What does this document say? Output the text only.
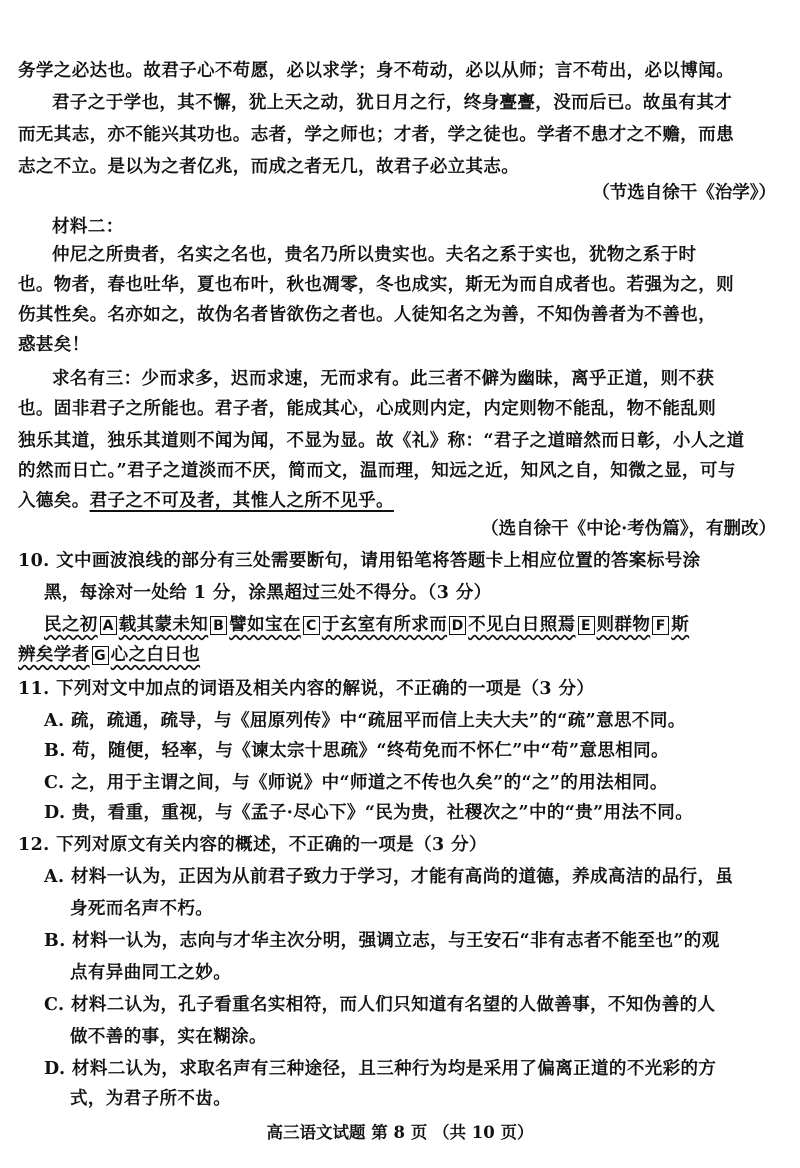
务学之必达也。故君子心不苟愿，必以求学；身不苟动，必以从师；言不苟出，必以博闻。
君子之于学也，其不懈，犹上天之动，犹日月之行，终身亹亹，没而后已。故虽有其才
而无其志，亦不能兴其功也。志者，学之师也；才者，学之徒也。学者不患才之不赡，而患
志之不立。是以为之者亿兆，而成之者无几，故君子必立其志。
（节选自徐干《治学》）
材料二：
仲尼之所贵者，名实之名也，贵名乃所以贵实也。夫名之系于实也，犹物之系于时
也。物者，春也吐华，夏也布叶，秋也凋零，冬也成实，斯无为而自成者也。若强为之，则
伤其性矣。名亦如之，故伪名者皆欲伤之者也。人徒知名之为善，不知伪善者为不善也，
惑甚矣！
求名有三：少而求多，迟而求速，无而求有。此三者不僻为幽昧，离乎正道，则不获
也。固非君子之所能也。君子者，能成其心，心成则内定，内定则物不能乱，物不能乱则
独乐其道，独乐其道则不闻为闻，不显为显。故《礼》称：“君子之道暗然而日彰，小人之道
的然而日亡。”君子之道淡而不厌，简而文，温而理，知远之近，知风之自，知微之显，可与
入德矣。君子之不可及者，其惟人之所不见乎。
（选自徐干《中论·考伪篇》，有删改）
10. 文中画波浪线的部分有三处需要断句，请用铅笔将答题卡上相应位置的答案标号涂
黑，每涂对一处给 1 分，涂黑超过三处不得分。（3 分）
民之初 A 载其蒙未知 B 譬如宝在 C 于玄室有所求而 D 不见白日照焉 E 则群物 F 斯
辨矣学者 G 心之白日也
11. 下列对文中加点的词语及相关内容的解说，不正确的一项是（3 分）
A. 疏，疏通，疏导，与《屈原列传》中“疏屈平而信上夫大夫”的“疏”意思不同。
B. 苟，随便，轻率，与《谏太宗十思疏》“终苟免而不怀仁”中“苟”意思相同。
C. 之，用于主谓之间，与《师说》中“师道之不传也久矣”的“之”的用法相同。
D. 贵，看重，重视，与《孟子·尽心下》“民为贵，社稷次之”中的“贵”用法不同。
12. 下列对原文有关内容的概述，不正确的一项是（3 分）
A. 材料一认为，正因为从前君子致力于学习，才能有高尚的道德，养成高洁的品行，虽
身死而名声不朽。
B. 材料一认为，志向与才华主次分明，强调立志，与王安石“非有志者不能至也”的观
点有异曲同工之妙。
C. 材料二认为，孔子看重名实相符，而人们只知道有名望的人做善事，不知伪善的人
做不善的事，实在糊涂。
D. 材料二认为，求取名声有三种途径，且三种行为均是采用了偏离正道的不光彩的方
式，为君子所不齿。
高三语文试题 第 8 页 （共 10 页）
